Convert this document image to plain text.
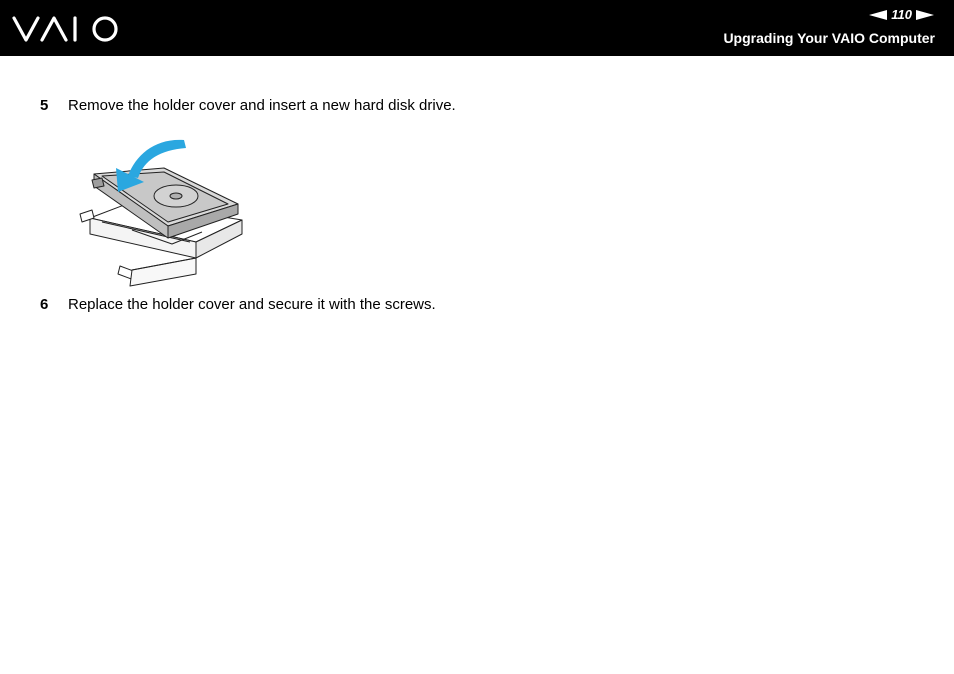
110
Upgrading Your VAIO Computer
5 Remove the holder cover and insert a new hard disk drive.
6 Replace the holder cover and secure it with the screws.
